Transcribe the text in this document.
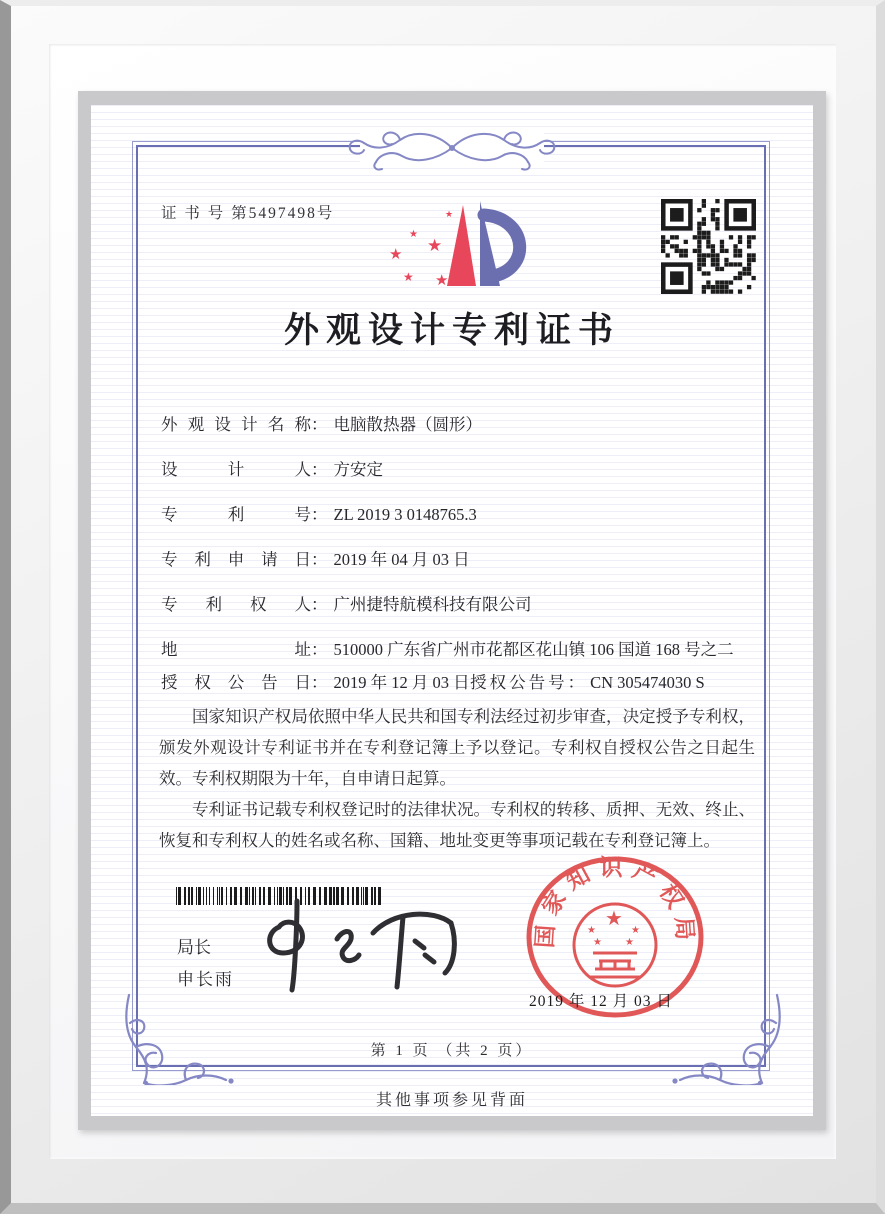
证 书 号 第5497498号
★
★
★
★ ★
★
外观设计专利证书
外观设计名称： 电脑散热器（圆形）
设计人： 方安定
专利号： ZL 2019 3 0148765.3
专利申请日： 2019 年 04 月 03 日
专利权人： 广州捷特航模科技有限公司
地址： 510000 广东省广州市花都区花山镇 106 国道 168 号之二
授权公告日： 2019 年 12 月 03 日 授权公告号： CN 305474030 S

国家知识产权局依照中华人民共和国专利法经过初步审查，决定授予专利权，颁发外观设计专利证书并在专利登记簿上予以登记。专利权自授权公告之日起生效。专利权期限为十年，自申请日起算。

专利证书记载专利权登记时的法律状况。专利权的转移、质押、无效、终止、恢复和专利权人的姓名或名称、国籍、地址变更等事项记载在专利登记簿上。

局长
申长雨
国家知识产权局
★
★	★
★ ★
2019 年 12 月 03 日
第 1 页 （共 2 页）
其他事项参见背面
